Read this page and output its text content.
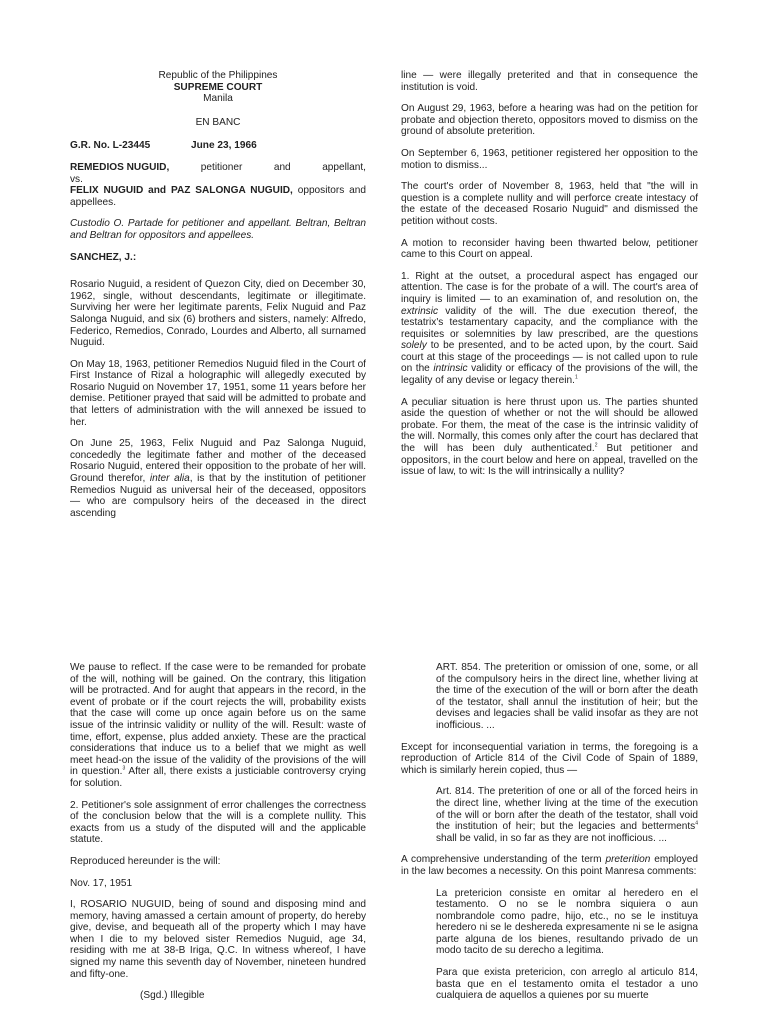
Republic of the Philippines
SUPREME COURT
Manila
EN BANC
G.R. No. L-23445	June 23, 1966
REMEDIOS NUGUID,	petitioner	and	appellant,
vs.

FELIX NUGUID and PAZ SALONGA NUGUID, oppositors and appellees.

Custodio O. Partade for petitioner and appellant. Beltran, Beltran and Beltran for oppositors and appellees.

SANCHEZ, J.:

Rosario Nuguid, a resident of Quezon City, died on December 30, 1962, single, without descendants, legitimate or illegitimate. Surviving her were her legitimate parents, Felix Nuguid and Paz Salonga Nuguid, and six (6) brothers and sisters, namely: Alfredo, Federico, Remedios, Conrado, Lourdes and Alberto, all surnamed Nuguid.

On May 18, 1963, petitioner Remedios Nuguid filed in the Court of First Instance of Rizal a holographic will allegedly executed by Rosario Nuguid on November 17, 1951, some 11 years before her demise. Petitioner prayed that said will be admitted to probate and that letters of administration with the will annexed be issued to her.

On June 25, 1963, Felix Nuguid and Paz Salonga Nuguid, concededly the legitimate father and mother of the deceased Rosario Nuguid, entered their opposition to the probate of her will. Ground therefor, inter alia, is that by the institution of petitioner Remedios Nuguid as universal heir of the deceased, oppositors — who are compulsory heirs of the deceased in the direct ascending

line — were illegally preterited and that in consequence the institution is void.

On August 29, 1963, before a hearing was had on the petition for probate and objection thereto, oppositors moved to dismiss on the ground of absolute preterition.

On September 6, 1963, petitioner registered her opposition to the motion to dismiss...

The court's order of November 8, 1963, held that "the will in question is a complete nullity and will perforce create intestacy of the estate of the deceased Rosario Nuguid" and dismissed the petition without costs.

A motion to reconsider having been thwarted below, petitioner came to this Court on appeal.

1. Right at the outset, a procedural aspect has engaged our attention. The case is for the probate of a will. The court's area of inquiry is limited — to an examination of, and resolution on, the extrinsic validity of the will. The due execution thereof, the testatrix's testamentary capacity, and the compliance with the requisites or solemnities by law prescribed, are the questions solely to be presented, and to be acted upon, by the court. Said court at this stage of the proceedings — is not called upon to rule on the intrinsic validity or efficacy of the provisions of the will, the legality of any devise or legacy therein.$^1$

A peculiar situation is here thrust upon us. The parties shunted aside the question of whether or not the will should be allowed probate. For them, the meat of the case is the intrinsic validity of the will. Normally, this comes only after the court has declared that the will has been duly authenticated.$^2$ But petitioner and oppositors, in the court below and here on appeal, travelled on the issue of law, to wit: Is the will intrinsically a nullity?

We pause to reflect. If the case were to be remanded for probate of the will, nothing will be gained. On the contrary, this litigation will be protracted. And for aught that appears in the record, in the event of probate or if the court rejects the will, probability exists that the case will come up once again before us on the same issue of the intrinsic validity or nullity of the will. Result: waste of time, effort, expense, plus added anxiety. These are the practical considerations that induce us to a belief that we might as well meet head-on the issue of the validity of the provisions of the will in question.$^3$ After all, there exists a justiciable controversy crying for solution.

2. Petitioner's sole assignment of error challenges the correctness of the conclusion below that the will is a complete nullity. This exacts from us a study of the disputed will and the applicable statute.

Reproduced hereunder is the will:

Nov. 17, 1951

I, ROSARIO NUGUID, being of sound and disposing mind and memory, having amassed a certain amount of property, do hereby give, devise, and bequeath all of the property which I may have when I die to my beloved sister Remedios Nuguid, age 34, residing with me at 38-B Iriga, Q.C. In witness whereof, I have signed my name this seventh day of November, nineteen hundred and fifty-one.

(Sgd.) Illegible

ART. 854. The preterition or omission of one, some, or all of the compulsory heirs in the direct line, whether living at the time of the execution of the will or born after the death of the testator, shall annul the institution of heir; but the devises and legacies shall be valid insofar as they are not inofficious. ...

Except for inconsequential variation in terms, the foregoing is a reproduction of Article 814 of the Civil Code of Spain of 1889, which is similarly herein copied, thus —

Art. 814. The preterition of one or all of the forced heirs in the direct line, whether living at the time of the execution of the will or born after the death of the testator, shall void the institution of heir; but the legacies and betterments$^4$ shall be valid, in so far as they are not inofficious. ...

A comprehensive understanding of the term preterition employed in the law becomes a necessity. On this point Manresa comments:

La pretericion consiste en omitar al heredero en el testamento. O no se le nombra siquiera o aun nombrandole como padre, hijo, etc., no se le instituya heredero ni se le deshereda expresamente ni se le asigna parte alguna de los bienes, resultando privado de un modo tacito de su derecho a legitima.

Para que exista pretericion, con arreglo al articulo 814, basta que en el testamento omita el testador a uno cualquiera de aquellos a quienes por su muerte
